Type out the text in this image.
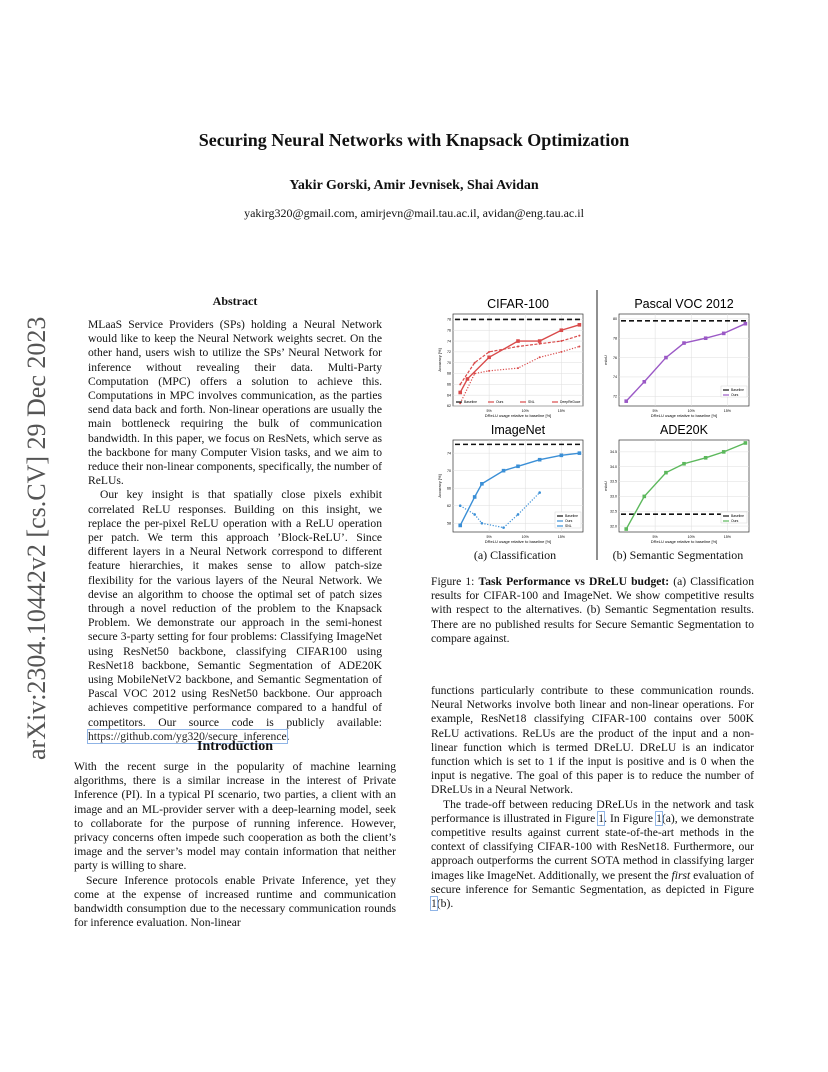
Securing Neural Networks with Knapsack Optimization
Yakir Gorski, Amir Jevnisek, Shai Avidan
yakirg320@gmail.com, amirjevn@mail.tau.ac.il, avidan@eng.tau.ac.il
arXiv:2304.10442v2 [cs.CV] 29 Dec 2023
Abstract

MLaaS Service Providers (SPs) holding a Neural Network would like to keep the Neural Network weights secret. On the other hand, users wish to utilize the SPs’ Neural Network for inference without revealing their data. Multi-Party Computation (MPC) offers a solution to achieve this. Computations in MPC involves communication, as the parties send data back and forth. Non-linear operations are usually the main bottleneck requiring the bulk of communication bandwidth. In this paper, we focus on ResNets, which serve as the backbone for many Computer Vision tasks, and we aim to reduce their non-linear components, specifically, the number of ReLUs.

Our key insight is that spatially close pixels exhibit correlated ReLU responses. Building on this insight, we replace the per-pixel ReLU operation with a ReLU operation per patch. We term this approach ’Block-ReLU’. Since different layers in a Neural Network correspond to different feature hierarchies, it makes sense to allow patch-size flexibility for the various layers of the Neural Network. We devise an algorithm to choose the optimal set of patch sizes through a novel reduction of the problem to the Knapsack Problem. We demonstrate our approach in the semi-honest secure 3-party setting for four problems: Classifying ImageNet using ResNet50 backbone, classifying CIFAR100 using ResNet18 backbone, Semantic Segmentation of ADE20K using MobileNetV2 backbone, and Semantic Segmentation of Pascal VOC 2012 using ResNet50 backbone. Our approach achieves competitive performance compared to a handful of competitors. Our source code is publicly available: https://github.com/yg320/secure_inference.

Introduction

With the recent surge in the popularity of machine learning algorithms, there is a similar increase in the interest of Private Inference (PI). In a typical PI scenario, two parties, a client with an image and an ML-provider server with a deep-learning model, seek to collaborate for the purpose of running inference. However, privacy concerns often impede such cooperation as both the client’s image and the server’s model may contain information that neither party is willing to share.

Secure Inference protocols enable Private Inference, yet they come at the expense of increased runtime and communication bandwidth consumption due to the necessary communication rounds for inference evaluation. Non-linear

CIFAR-100
5%	10%	15%
62
64
66
68
70
72
74
76
78
DReLU usage relative to baseline [%]
Accuracy [%]
Baseline	Ours	SNL	DeepReDuce
Pascal VOC 2012
5%	10%	15%
72
74
76
78
80
DReLU usage relative to baseline [%]
mIoU
Baseline
Ours
ImageNet
5%	10%	15%
58
62
66
70
74
DReLU usage relative to baseline [%]
Accuracy [%]
Baseline
Ours
SNL
ADE20K
5%	10%	15%
32.0
32.5
33.0
33.5
34.0
34.5
DReLU usage relative to baseline [%]
mIoU
Baseline
Ours
(a) Classification	(b) Semantic Segmentation
Figure 1: Task Performance vs DReLU budget: (a) Classification results for CIFAR-100 and ImageNet. We show competitive results with respect to the alternatives. (b) Semantic Segmentation results. There are no published results for Secure Semantic Segmentation to compare against.

functions particularly contribute to these communication rounds. Neural Networks involve both linear and non-linear operations. For example, ResNet18 classifying CIFAR-100 contains over 500K ReLU activations. ReLUs are the product of the input and a non-linear function which is termed DReLU. DReLU is an indicator function which is set to 1 if the input is positive and is 0 when the input is negative. The goal of this paper is to reduce the number of DReLUs in a Neural Network.

The trade-off between reducing DReLUs in the network and task performance is illustrated in Figure 1. In Figure 1(a), we demonstrate competitive results against current state-of-the-art methods in the context of classifying CIFAR-100 with ResNet18. Furthermore, our approach outperforms the current SOTA method in classifying larger images like ImageNet. Additionally, we present the first evaluation of secure inference for Semantic Segmentation, as depicted in Figure 1(b).
